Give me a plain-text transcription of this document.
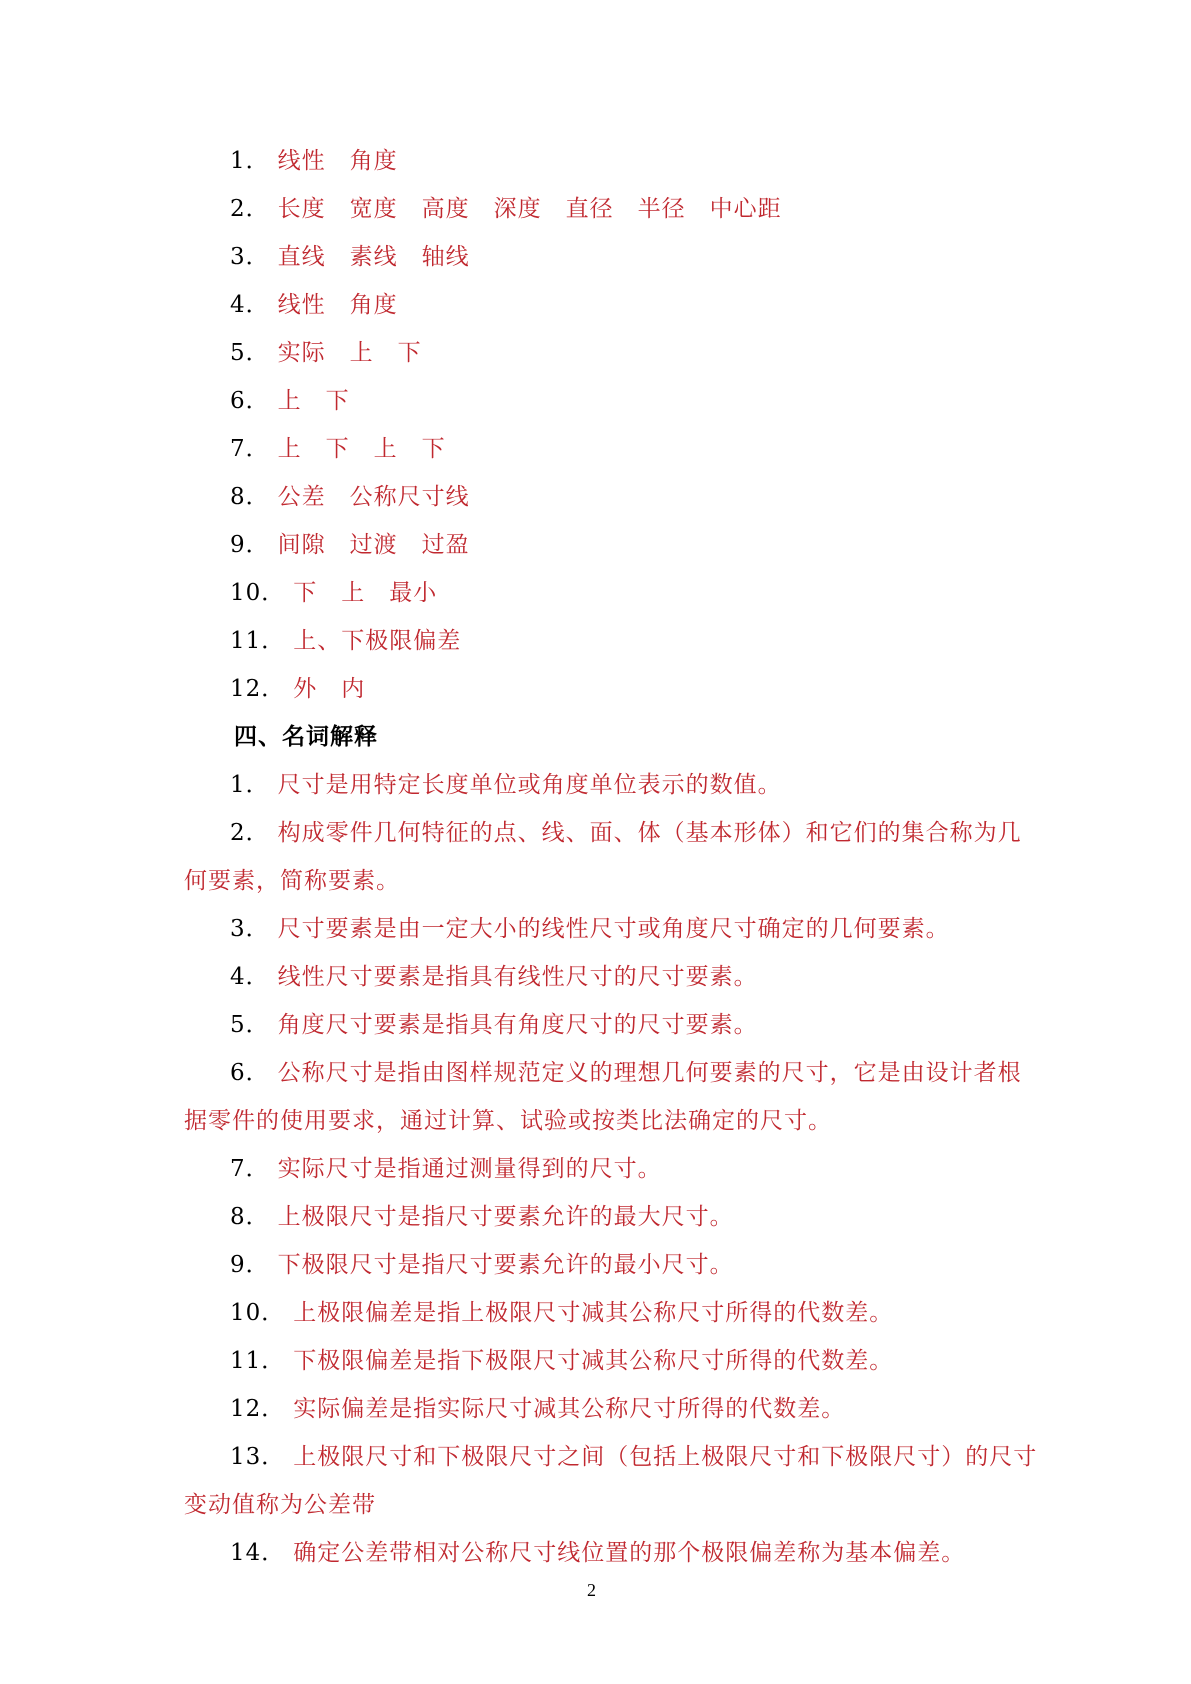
1． 线性　角度
2． 长度　宽度　高度　深度　直径　半径　中心距
3． 直线　素线　轴线
4． 线性　角度
5． 实际　上　下
6． 上　下
7． 上　下　上　下
8． 公差　公称尺寸线
9． 间隙　过渡　过盈
10． 下　上　最小
11． 上、下极限偏差
12． 外　内
四、名词解释
1． 尺寸是用特定长度单位或角度单位表示的数值。
2． 构成零件几何特征的点、线、面、体（基本形体）和它们的集合称为几
何要素，简称要素。
3． 尺寸要素是由一定大小的线性尺寸或角度尺寸确定的几何要素。
4． 线性尺寸要素是指具有线性尺寸的尺寸要素。
5． 角度尺寸要素是指具有角度尺寸的尺寸要素。
6． 公称尺寸是指由图样规范定义的理想几何要素的尺寸，它是由设计者根
据零件的使用要求，通过计算、试验或按类比法确定的尺寸。
7． 实际尺寸是指通过测量得到的尺寸。
8． 上极限尺寸是指尺寸要素允许的最大尺寸。
9． 下极限尺寸是指尺寸要素允许的最小尺寸。
10． 上极限偏差是指上极限尺寸减其公称尺寸所得的代数差。
11． 下极限偏差是指下极限尺寸减其公称尺寸所得的代数差。
12． 实际偏差是指实际尺寸减其公称尺寸所得的代数差。
13． 上极限尺寸和下极限尺寸之间（包括上极限尺寸和下极限尺寸）的尺寸
变动值称为公差带
14． 确定公差带相对公称尺寸线位置的那个极限偏差称为基本偏差。
2
